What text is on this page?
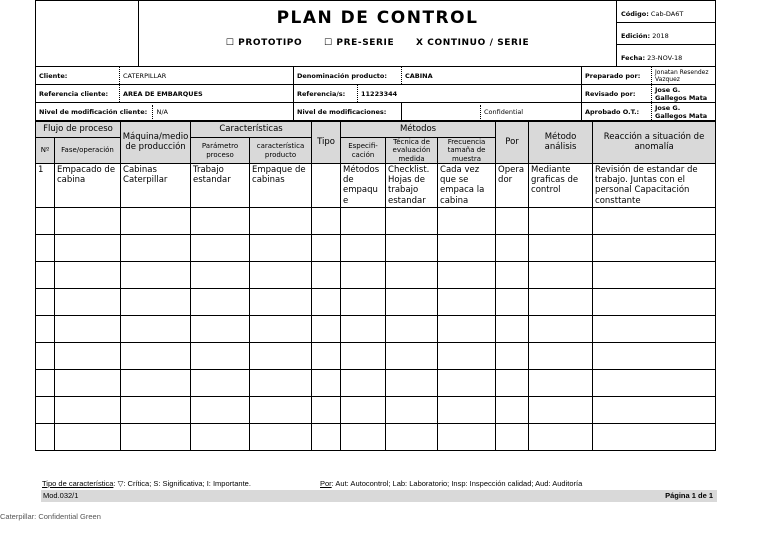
PLAN DE CONTROL
☐ PROTOTIPO ☐ PRE-SERIE X CONTINUO / SERIE
	Código: Cab-DA6T
Edición: 2018
Fecha: 23-NOV-18
Cliente:	CATERPILLAR	Denominación producto:		CABINA	Preparado por:	Jonatan Resendez Vazquez
Referencia cliente:	AREA DE EMBARQUES	Referencia/s:	11223344		Revisado por:	Jose G. Gallegos Mata
Nivel de modificación cliente: N/A		Nivel de modificaciones:		Confidential	Aprobado O.T.:	Jose G. Gallegos Mata
Flujo de proceso		Máquina/medio de producción	Características		Tipo	Métodos			Por	Método análisis	Reacción a situación de anomalía
Nº	Fase/operación		Parámetro proceso	característica producto		Especifi-cación	Técnica de evaluación medida	Frecuencia tamaña de muestra			
1	Empacado de cabina	Cabinas Caterpillar	Trabajo estandar	Empaque de cabinas		Métodos de empaqu e	Checklist. Hojas de trabajo estandar	Cada vez que se empaca la cabina	Opera dor	Mediante graficas de control	Revisión de estandar de trabajo. Juntas con el personal Capacitación consttante

Tipo de característica: ▽: Crítica; S: Significativa; I: Importante.	Por: Aut: Autocontrol; Lab: Laboratorio; Insp: Inspección calidad; Aud: Auditoría
Mod.032/1	Página 1 de 1
Caterpillar: Confidential Green
